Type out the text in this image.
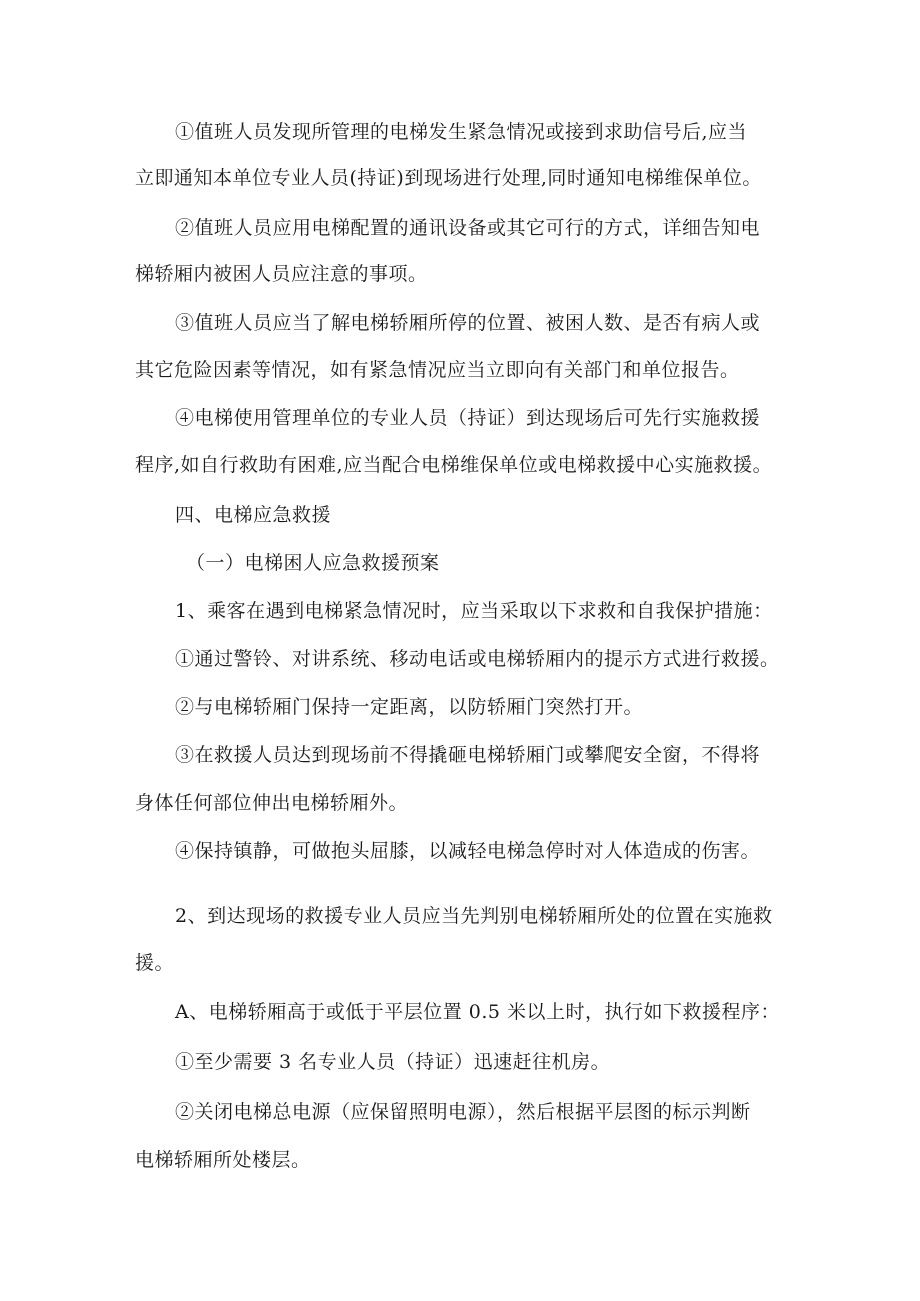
①值班人员发现所管理的电梯发生紧急情况或接到求助信号后,应当
立即通知本单位专业人员(持证)到现场进行处理,同时通知电梯维保单位。
②值班人员应用电梯配置的通讯设备或其它可行的方式，详细告知电
梯轿厢内被困人员应注意的事项。
③值班人员应当了解电梯轿厢所停的位置、被困人数、是否有病人或
其它危险因素等情况，如有紧急情况应当立即向有关部门和单位报告。
④电梯使用管理单位的专业人员（持证）到达现场后可先行实施救援
程序,如自行救助有困难,应当配合电梯维保单位或电梯救援中心实施救援。
四、电梯应急救援
（一）电梯困人应急救援预案
1、乘客在遇到电梯紧急情况时，应当采取以下求救和自我保护措施：
①通过警铃、对讲系统、移动电话或电梯轿厢内的提示方式进行救援。
②与电梯轿厢门保持一定距离，以防轿厢门突然打开。
③在救援人员达到现场前不得撬砸电梯轿厢门或攀爬安全窗，不得将
身体任何部位伸出电梯轿厢外。
④保持镇静，可做抱头屈膝，以减轻电梯急停时对人体造成的伤害。
2、到达现场的救援专业人员应当先判别电梯轿厢所处的位置在实施救
援。
A、电梯轿厢高于或低于平层位置 0.5 米以上时，执行如下救援程序：
①至少需要 3 名专业人员（持证）迅速赶往机房。
②关闭电梯总电源（应保留照明电源），然后根据平层图的标示判断
电梯轿厢所处楼层。
